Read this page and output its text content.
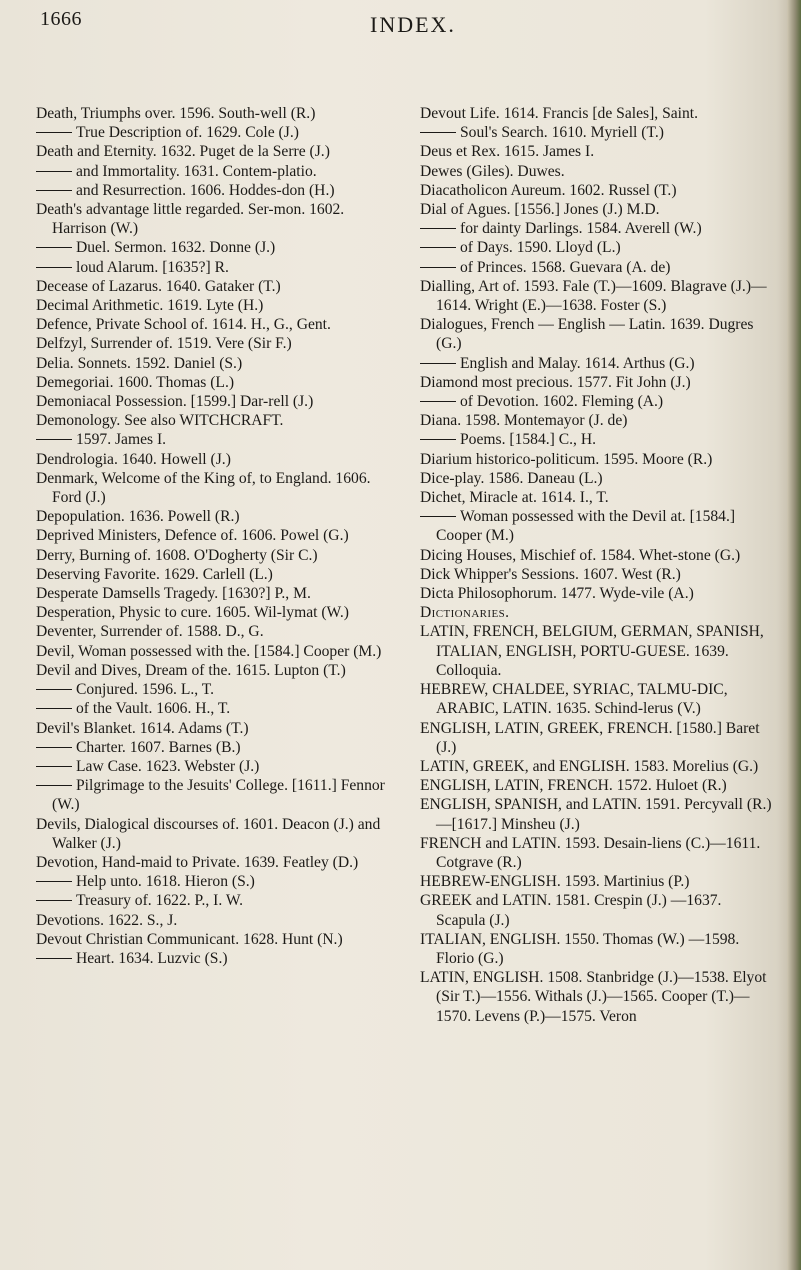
1666	INDEX.
Death, Triumphs over. 1596. South-well (R.)
True Description of. 1629. Cole (J.)
Death and Eternity. 1632. Puget de la Serre (J.)
and Immortality. 1631. Contem-platio.
and Resurrection. 1606. Hoddes-don (H.)
Death's advantage little regarded. Ser-mon. 1602. Harrison (W.)
Duel. Sermon. 1632. Donne (J.)
loud Alarum. [1635?] R.
Decease of Lazarus. 1640. Gataker (T.)
Decimal Arithmetic. 1619. Lyte (H.)
Defence, Private School of. 1614. H., G., Gent.
Delfzyl, Surrender of. 1519. Vere (Sir F.)
Delia. Sonnets. 1592. Daniel (S.)
Demegoriai. 1600. Thomas (L.)
Demoniacal Possession. [1599.] Dar-rell (J.)
Demonology. See also WITCHCRAFT.
1597. James I.
Dendrologia. 1640. Howell (J.)
Denmark, Welcome of the King of, to England. 1606. Ford (J.)
Depopulation. 1636. Powell (R.)
Deprived Ministers, Defence of. 1606. Powel (G.)
Derry, Burning of. 1608. O'Dogherty (Sir C.)
Deserving Favorite. 1629. Carlell (L.)
Desperate Damsells Tragedy. [1630?] P., M.
Desperation, Physic to cure. 1605. Wil-lymat (W.)
Deventer, Surrender of. 1588. D., G.
Devil, Woman possessed with the. [1584.] Cooper (M.)
Devil and Dives, Dream of the. 1615. Lupton (T.)
Conjured. 1596. L., T.
of the Vault. 1606. H., T.
Devil's Blanket. 1614. Adams (T.)
Charter. 1607. Barnes (B.)
Law Case. 1623. Webster (J.)
Pilgrimage to the Jesuits' College. [1611.] Fennor (W.)
Devils, Dialogical discourses of. 1601. Deacon (J.) and Walker (J.)
Devotion, Hand-maid to Private. 1639. Featley (D.)
Help unto. 1618. Hieron (S.)
Treasury of. 1622. P., I. W.
Devotions. 1622. S., J.
Devout Christian Communicant. 1628. Hunt (N.)
Heart. 1634. Luzvic (S.)
Devout Life. 1614. Francis [de Sales], Saint.
Soul's Search. 1610. Myriell (T.)
Deus et Rex. 1615. James I.
Dewes (Giles). Duwes.
Diacatholicon Aureum. 1602. Russel (T.)
Dial of Agues. [1556.] Jones (J.) M.D.
for dainty Darlings. 1584. Averell (W.)
of Days. 1590. Lloyd (L.)
of Princes. 1568. Guevara (A. de)
Dialling, Art of. 1593. Fale (T.)—1609. Blagrave (J.)—1614. Wright (E.)—1638. Foster (S.)
Dialogues, French — English — Latin. 1639. Dugres (G.)
English and Malay. 1614. Arthus (G.)
Diamond most precious. 1577. Fit John (J.)
of Devotion. 1602. Fleming (A.)
Diana. 1598. Montemayor (J. de)
Poems. [1584.] C., H.
Diarium historico-politicum. 1595. Moore (R.)
Dice-play. 1586. Daneau (L.)
Dichet, Miracle at. 1614. I., T.
Woman possessed with the Devil at. [1584.] Cooper (M.)
Dicing Houses, Mischief of. 1584. Whet-stone (G.)
Dick Whipper's Sessions. 1607. West (R.)
Dicta Philosophorum. 1477. Wyde-vile (A.)
Dictionaries.
LATIN, FRENCH, BELGIUM, GERMAN, SPANISH, ITALIAN, ENGLISH, PORTU-GUESE. 1639. Colloquia.
HEBREW, CHALDEE, SYRIAC, TALMU-DIC, ARABIC, LATIN. 1635. Schind-lerus (V.)
ENGLISH, LATIN, GREEK, FRENCH. [1580.] Baret (J.)
LATIN, GREEK, and ENGLISH. 1583. Morelius (G.)
ENGLISH, LATIN, FRENCH. 1572. Huloet (R.)
ENGLISH, SPANISH, and LATIN. 1591. Percyvall (R.)—[1617.] Minsheu (J.)
FRENCH and LATIN. 1593. Desain-liens (C.)—1611. Cotgrave (R.)
HEBREW-ENGLISH. 1593. Martinius (P.)
GREEK and LATIN. 1581. Crespin (J.) —1637. Scapula (J.)
ITALIAN, ENGLISH. 1550. Thomas (W.) —1598. Florio (G.)
LATIN, ENGLISH. 1508. Stanbridge (J.)—1538. Elyot (Sir T.)—1556. Withals (J.)—1565. Cooper (T.)—1570. Levens (P.)—1575. Veron
